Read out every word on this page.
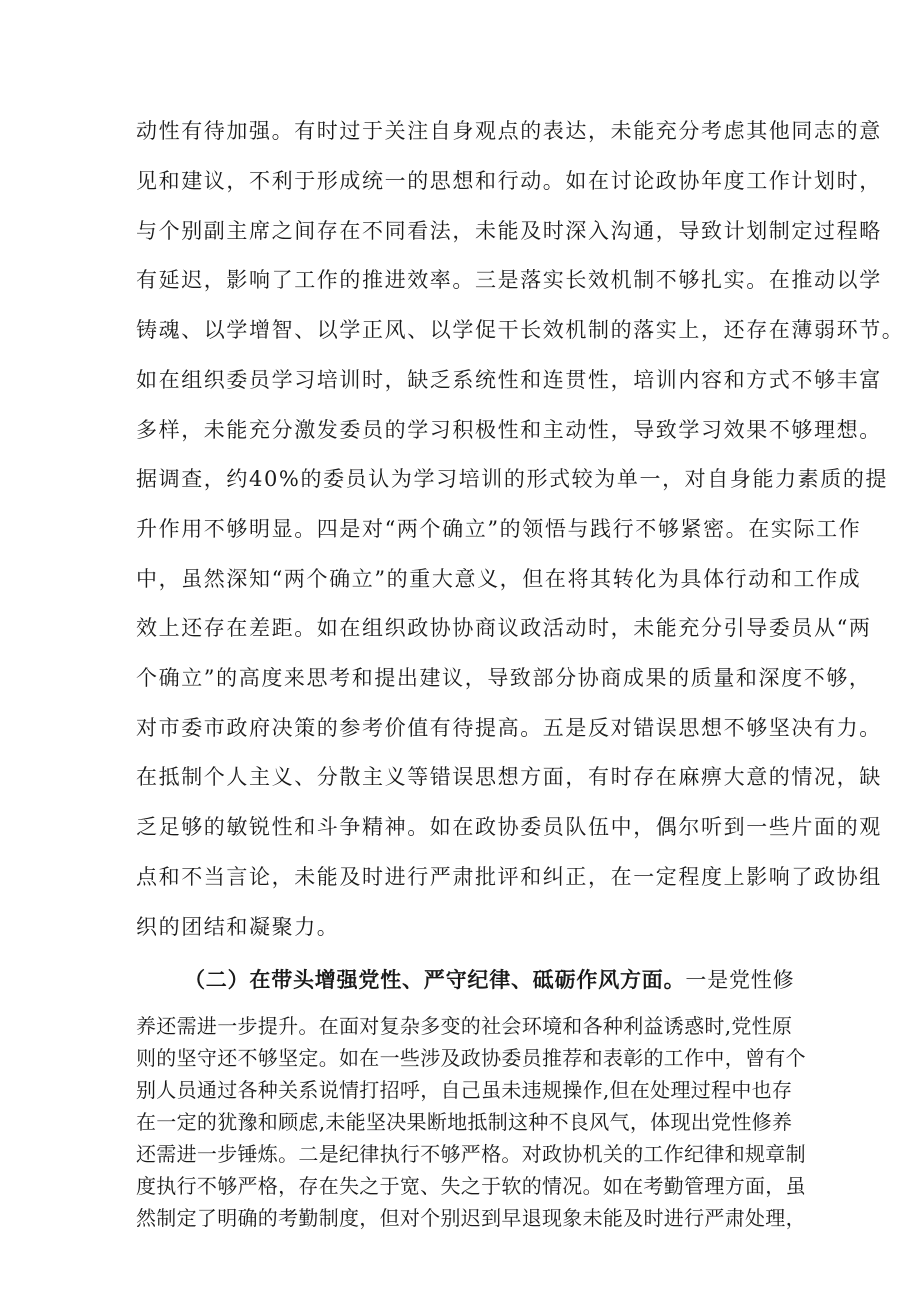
动性有待加强。有时过于关注自身观点的表达，未能充分考虑其他同志的意
见和建议，不利于形成统一的思想和行动。如在讨论政协年度工作计划时，
与个别副主席之间存在不同看法，未能及时深入沟通，导致计划制定过程略
有延迟，影响了工作的推进效率。三是落实长效机制不够扎实。在推动以学
铸魂、以学增智、以学正风、以学促干长效机制的落实上，还存在薄弱环节。
如在组织委员学习培训时，缺乏系统性和连贯性，培训内容和方式不够丰富
多样，未能充分激发委员的学习积极性和主动性，导致学习效果不够理想。
据调查，约40%的委员认为学习培训的形式较为单一，对自身能力素质的提
升作用不够明显。四是对“两个确立”的领悟与践行不够紧密。在实际工作
中，虽然深知“两个确立”的重大意义，但在将其转化为具体行动和工作成
效上还存在差距。如在组织政协协商议政活动时，未能充分引导委员从“两
个确立”的高度来思考和提出建议，导致部分协商成果的质量和深度不够，
对市委市政府决策的参考价值有待提高。五是反对错误思想不够坚决有力。
在抵制个人主义、分散主义等错误思想方面，有时存在麻痹大意的情况，缺
乏足够的敏锐性和斗争精神。如在政协委员队伍中，偶尔听到一些片面的观
点和不当言论，未能及时进行严肃批评和纠正，在一定程度上影响了政协组
织的团结和凝聚力。
（二）在带头增强党性、严守纪律、砥砺作风方面。一是党性修
养还需进一步提升。在面对复杂多变的社会环境和各种利益诱惑时,党性原
则的坚守还不够坚定。如在一些涉及政协委员推荐和表彰的工作中，曾有个
别人员通过各种关系说情打招呼，自己虽未违规操作,但在处理过程中也存
在一定的犹豫和顾虑,未能坚决果断地抵制这种不良风气，体现出党性修养
还需进一步锤炼。二是纪律执行不够严格。对政协机关的工作纪律和规章制
度执行不够严格，存在失之于宽、失之于软的情况。如在考勤管理方面，虽
然制定了明确的考勤制度，但对个别迟到早退现象未能及时进行严肃处理，
